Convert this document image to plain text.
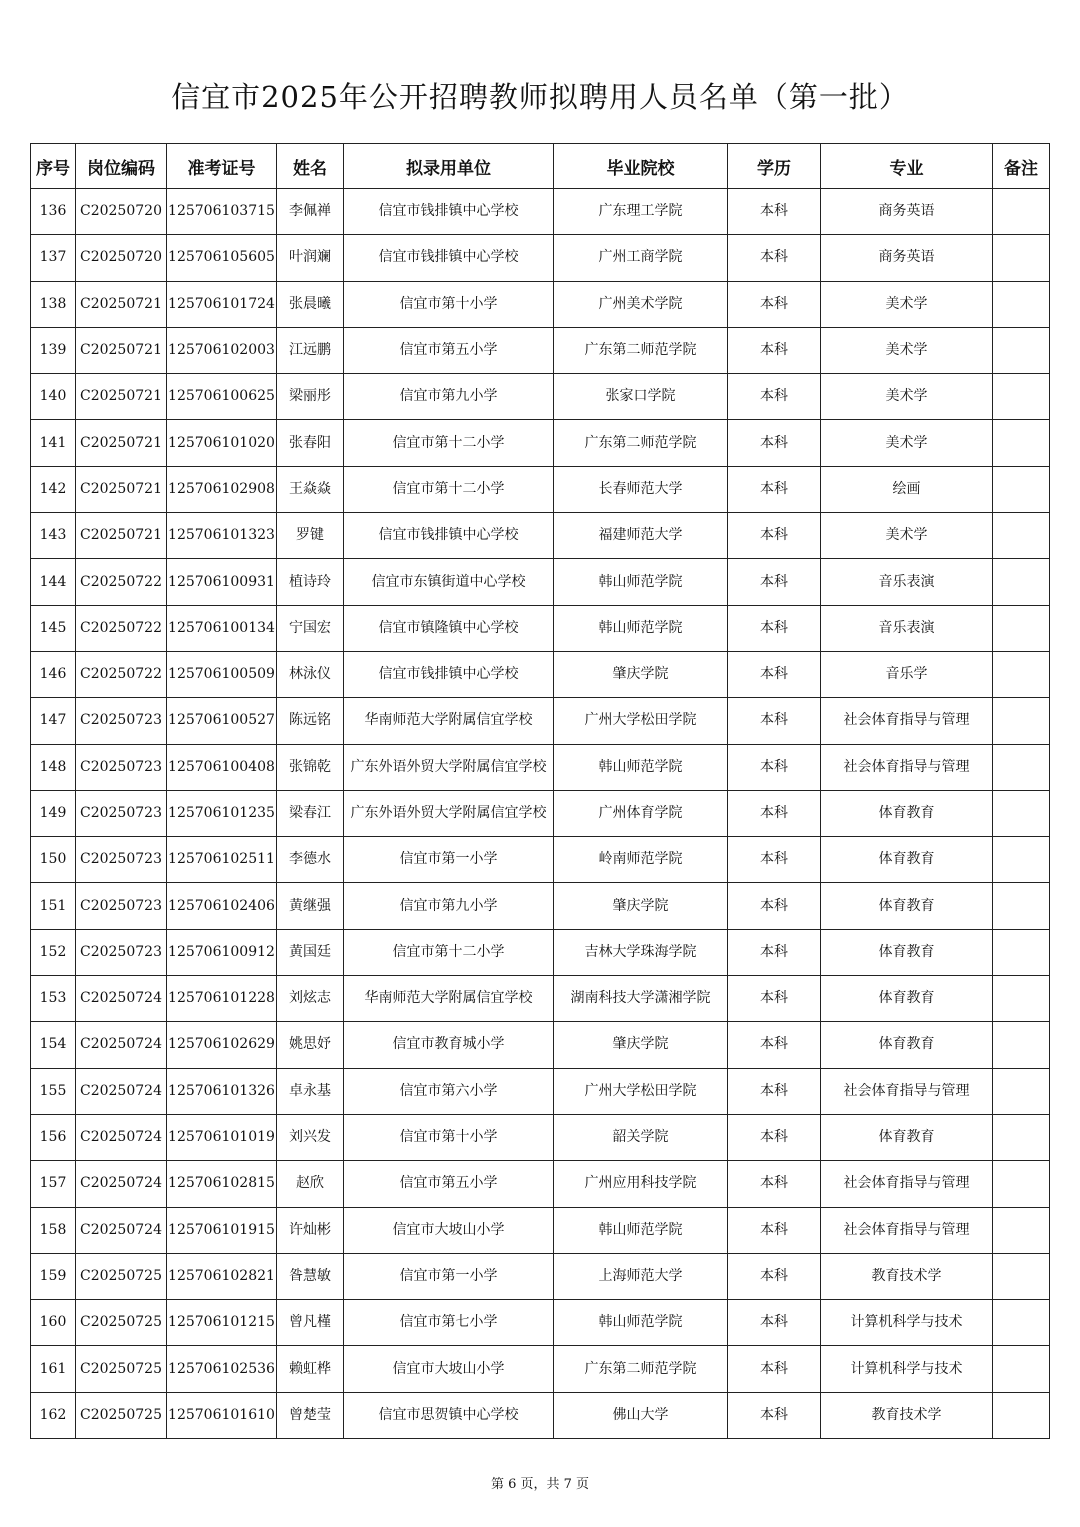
信宜市2025年公开招聘教师拟聘用人员名单（第一批）
序号	岗位编码	准考证号	姓名	拟录用单位	毕业院校	学历	专业	备注
136	C20250720	125706103715	李佩禅	信宜市钱排镇中心学校	广东理工学院	本科	商务英语	
137	C20250720	125706105605	叶润斓	信宜市钱排镇中心学校	广州工商学院	本科	商务英语	
138	C20250721	125706101724	张晨曦	信宜市第十小学	广州美术学院	本科	美术学	
139	C20250721	125706102003	江远鹏	信宜市第五小学	广东第二师范学院	本科	美术学	
140	C20250721	125706100625	梁丽彤	信宜市第九小学	张家口学院	本科	美术学	
141	C20250721	125706101020	张春阳	信宜市第十二小学	广东第二师范学院	本科	美术学	
142	C20250721	125706102908	王焱焱	信宜市第十二小学	长春师范大学	本科	绘画	
143	C20250721	125706101323	罗键	信宜市钱排镇中心学校	福建师范大学	本科	美术学	
144	C20250722	125706100931	植诗玲	信宜市东镇街道中心学校	韩山师范学院	本科	音乐表演	
145	C20250722	125706100134	宁国宏	信宜市镇隆镇中心学校	韩山师范学院	本科	音乐表演	
146	C20250722	125706100509	林泳仪	信宜市钱排镇中心学校	肇庆学院	本科	音乐学	
147	C20250723	125706100527	陈远铭	华南师范大学附属信宜学校	广州大学松田学院	本科	社会体育指导与管理	
148	C20250723	125706100408	张锦乾	广东外语外贸大学附属信宜学校	韩山师范学院	本科	社会体育指导与管理	
149	C20250723	125706101235	梁春江	广东外语外贸大学附属信宜学校	广州体育学院	本科	体育教育	
150	C20250723	125706102511	李德水	信宜市第一小学	岭南师范学院	本科	体育教育	
151	C20250723	125706102406	黄继强	信宜市第九小学	肇庆学院	本科	体育教育	
152	C20250723	125706100912	黄国廷	信宜市第十二小学	吉林大学珠海学院	本科	体育教育	
153	C20250724	125706101228	刘炫志	华南师范大学附属信宜学校	湖南科技大学潇湘学院	本科	体育教育	
154	C20250724	125706102629	姚思妤	信宜市教育城小学	肇庆学院	本科	体育教育	
155	C20250724	125706101326	卓永基	信宜市第六小学	广州大学松田学院	本科	社会体育指导与管理	
156	C20250724	125706101019	刘兴发	信宜市第十小学	韶关学院	本科	体育教育	
157	C20250724	125706102815	赵欣	信宜市第五小学	广州应用科技学院	本科	社会体育指导与管理	
158	C20250724	125706101915	许灿彬	信宜市大坡山小学	韩山师范学院	本科	社会体育指导与管理	
159	C20250725	125706102821	昝慧敏	信宜市第一小学	上海师范大学	本科	教育技术学	
160	C20250725	125706101215	曾凡槿	信宜市第七小学	韩山师范学院	本科	计算机科学与技术	
161	C20250725	125706102536	赖虹桦	信宜市大坡山小学	广东第二师范学院	本科	计算机科学与技术	
162	C20250725	125706101610	曾楚莹	信宜市思贺镇中心学校	佛山大学	本科	教育技术学	
第 6 页，共 7 页
